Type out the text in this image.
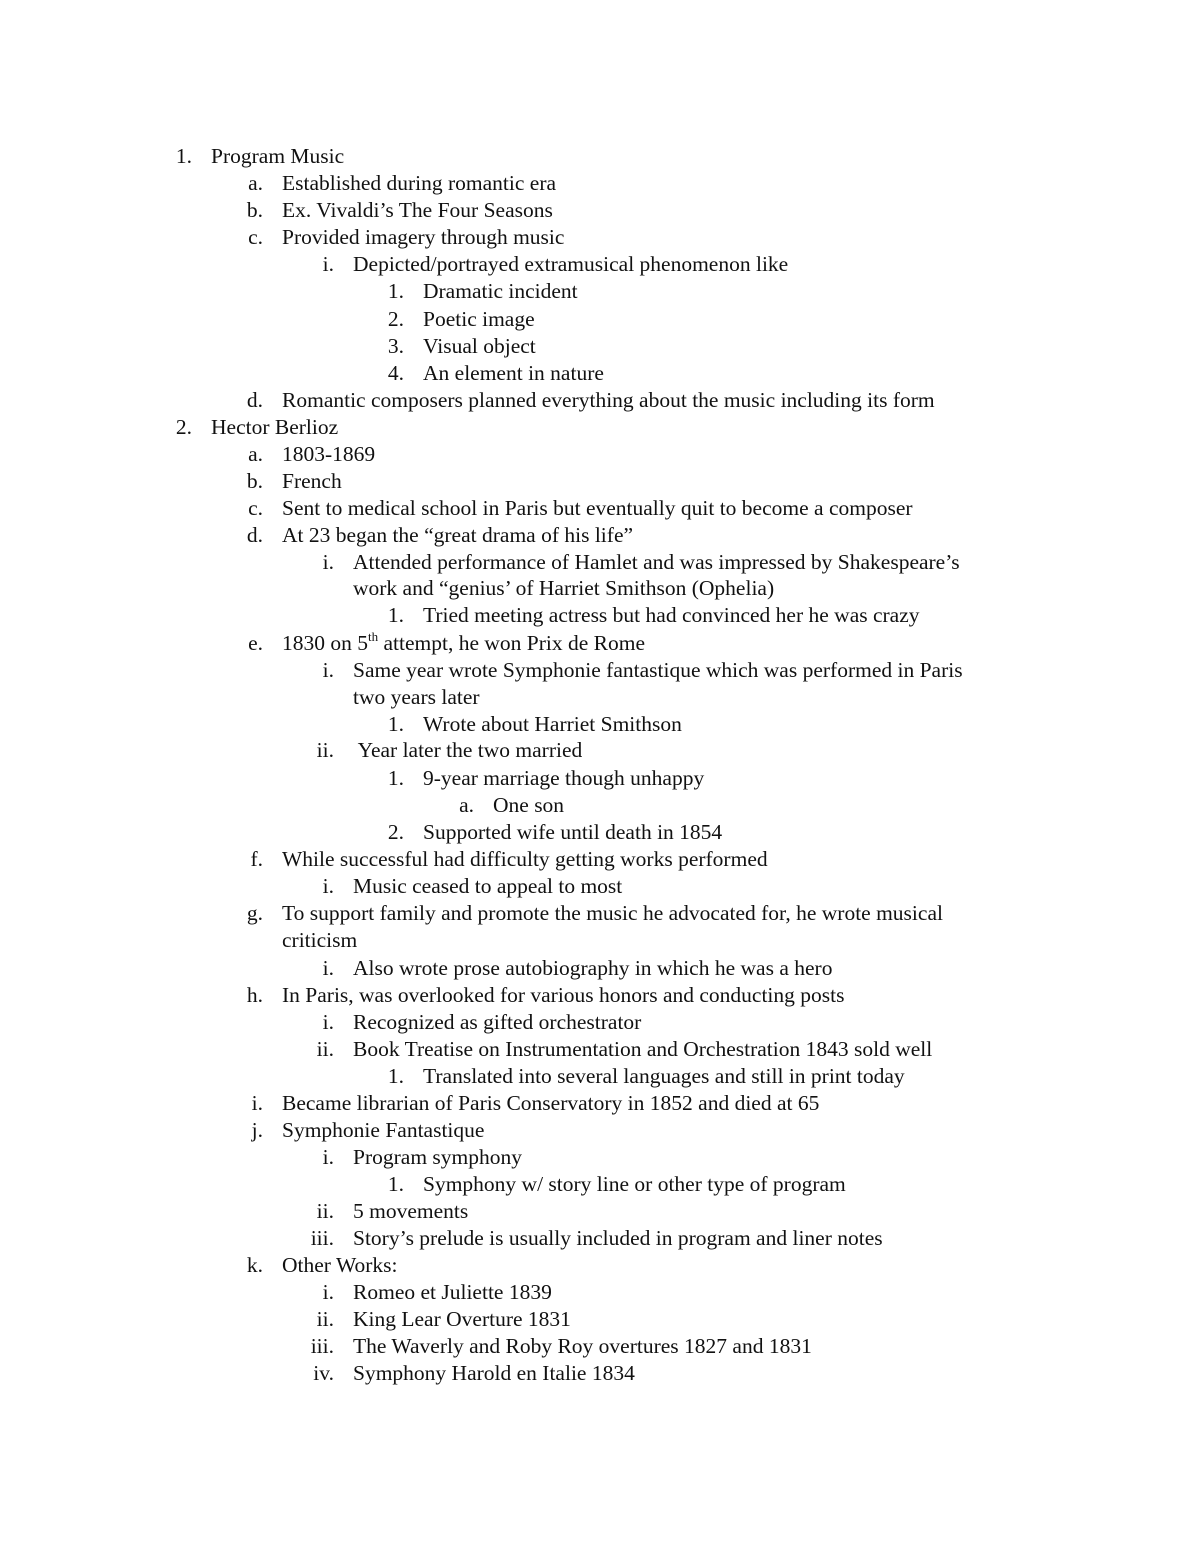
1. Program Music
a. Established during romantic era
b. Ex. Vivaldi’s The Four Seasons
c. Provided imagery through music
i. Depicted/portrayed extramusical phenomenon like
1. Dramatic incident
2. Poetic image
3. Visual object
4. An element in nature
d. Romantic composers planned everything about the music including its form
2. Hector Berlioz
a. 1803-1869
b. French
c. Sent to medical school in Paris but eventually quit to become a composer
d. At 23 began the “great drama of his life”
i. Attended performance of Hamlet and was impressed by Shakespeare’s
work and “genius’ of Harriet Smithson (Ophelia)
1. Tried meeting actress but had convinced her he was crazy
e. 1830 on 5th attempt, he won Prix de Rome
i. Same year wrote Symphonie fantastique which was performed in Paris
two years later
1. Wrote about Harriet Smithson
ii. Year later the two married
1. 9-year marriage though unhappy
a. One son
2. Supported wife until death in 1854
f. While successful had difficulty getting works performed
i. Music ceased to appeal to most
g. To support family and promote the music he advocated for, he wrote musical
criticism
i. Also wrote prose autobiography in which he was a hero
h. In Paris, was overlooked for various honors and conducting posts
i. Recognized as gifted orchestrator
ii. Book Treatise on Instrumentation and Orchestration 1843 sold well
1. Translated into several languages and still in print today
i. Became librarian of Paris Conservatory in 1852 and died at 65
j. Symphonie Fantastique
i. Program symphony
1. Symphony w/ story line or other type of program
ii. 5 movements
iii. Story’s prelude is usually included in program and liner notes
k. Other Works:
i. Romeo et Juliette 1839
ii. King Lear Overture 1831
iii. The Waverly and Roby Roy overtures 1827 and 1831
iv. Symphony Harold en Italie 1834
